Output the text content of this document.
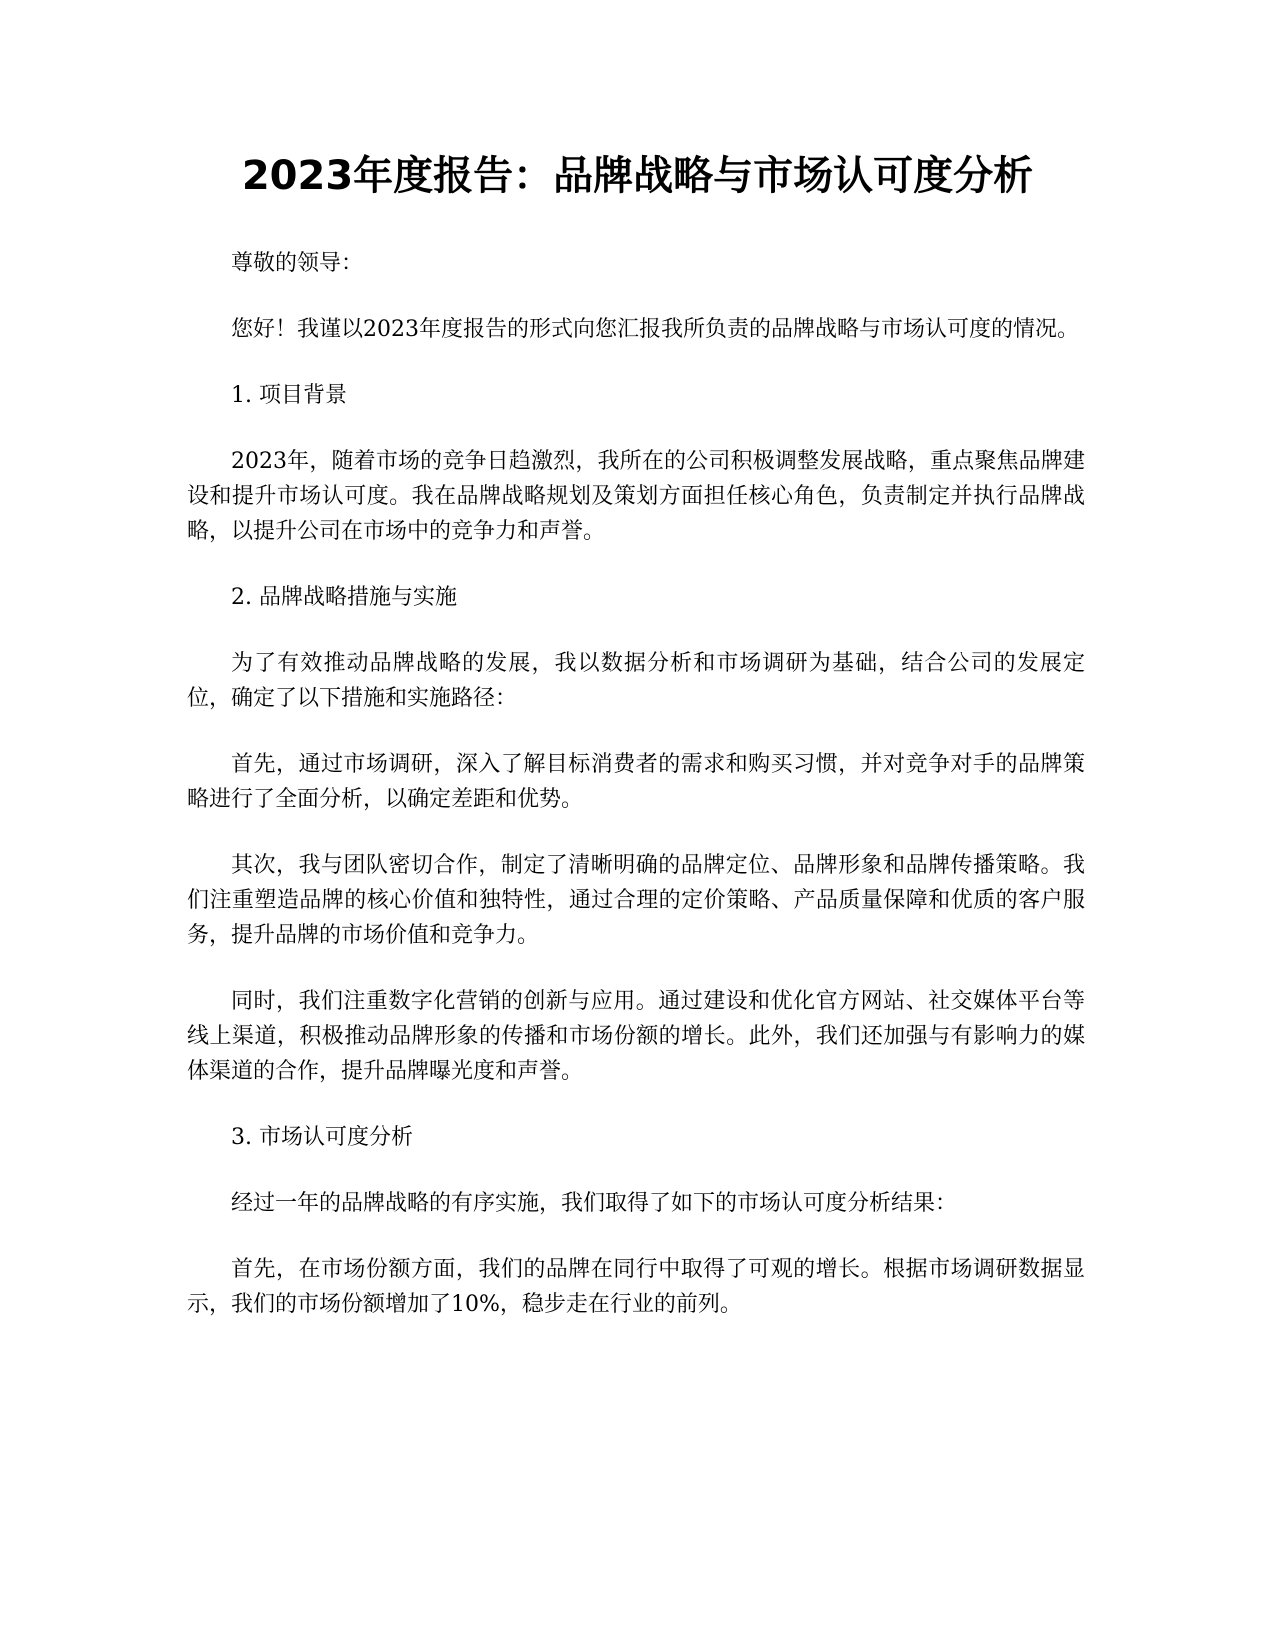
2023年度报告：品牌战略与市场认可度分析

尊敬的领导：

您好！我谨以2023年度报告的形式向您汇报我所负责的品牌战略与市场认可度的情况。

1. 项目背景

2023年，随着市场的竞争日趋激烈，我所在的公司积极调整发展战略，重点聚焦品牌建设和提升市场认可度。我在品牌战略规划及策划方面担任核心角色，负责制定并执行品牌战略，以提升公司在市场中的竞争力和声誉。

2. 品牌战略措施与实施

为了有效推动品牌战略的发展，我以数据分析和市场调研为基础，结合公司的发展定位，确定了以下措施和实施路径：

首先，通过市场调研，深入了解目标消费者的需求和购买习惯，并对竞争对手的品牌策略进行了全面分析，以确定差距和优势。

其次，我与团队密切合作，制定了清晰明确的品牌定位、品牌形象和品牌传播策略。我们注重塑造品牌的核心价值和独特性，通过合理的定价策略、产品质量保障和优质的客户服务，提升品牌的市场价值和竞争力。

同时，我们注重数字化营销的创新与应用。通过建设和优化官方网站、社交媒体平台等线上渠道，积极推动品牌形象的传播和市场份额的增长。此外，我们还加强与有影响力的媒体渠道的合作，提升品牌曝光度和声誉。

3. 市场认可度分析

经过一年的品牌战略的有序实施，我们取得了如下的市场认可度分析结果：

首先，在市场份额方面，我们的品牌在同行中取得了可观的增长。根据市场调研数据显示，我们的市场份额增加了10%，稳步走在行业的前列。
